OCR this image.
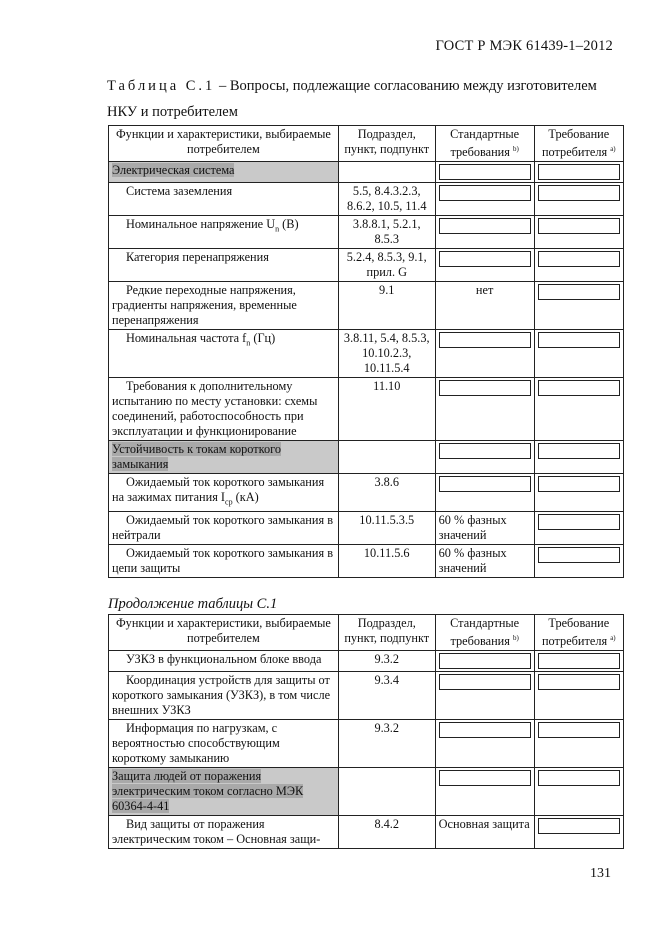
ГОСТ Р МЭК 61439-1–2012
Таблица С.1 – Вопросы, подлежащие согласованию между изготовителем НКУ и потребителем
Функции и характеристики, выбираемые потребителем	Подраздел, пункт, подпункт	Стандартные требования $^{b)}$	Требование потребителя $^{a)}$
Электрическая система	

Система заземления	5.5, 8.4.3.2.3, 8.6.2, 10.5, 11.4	

Номинальное напряжение $U_n$ (В)	3.8.8.1, 5.2.1, 8.5.3	

Категория перенапряжения	5.2.4, 8.5.3, 9.1, прил. G	

Редкие переходные напряжения, градиенты напряжения, временные перенапряжения	9.1	нет	

Номинальная частота $f_n$ (Гц)	3.8.11, 5.4, 8.5.3, 10.10.2.3, 10.11.5.4	

Требования к дополнительному испытанию по месту установки: схемы соединений, работоспособность при эксплуатации и функционирование	11.10	

Устойчивость к токам короткого замыкания	

Ожидаемый ток короткого замыкания на зажимах питания $I_{cp}$ (кА)	3.8.6	

Ожидаемый ток короткого замыкания в нейтрали	10.11.5.3.5	60 % фазных значений	

Ожидаемый ток короткого замыкания в цепи защиты	10.11.5.6	60 % фазных значений	
Продолжение таблицы С.1
Функции и характеристики, выбираемые потребителем	Подраздел, пункт, подпункт	Стандартные требования $^{b)}$	Требование потребителя $^{a)}$
УЗКЗ в функциональном блоке ввода	9.3.2	

Координация устройств для защиты от короткого замыкания (УЗКЗ), в том числе внешних УЗКЗ	9.3.4	

Информация по нагрузкам, с вероятностью способствующим короткому замыканию	9.3.2	

Защита людей от поражения электрическим током согласно МЭК 60364-4-41	

Вид защиты от поражения электрическим током – Основная защи-	8.4.2	Основная защита	
131
